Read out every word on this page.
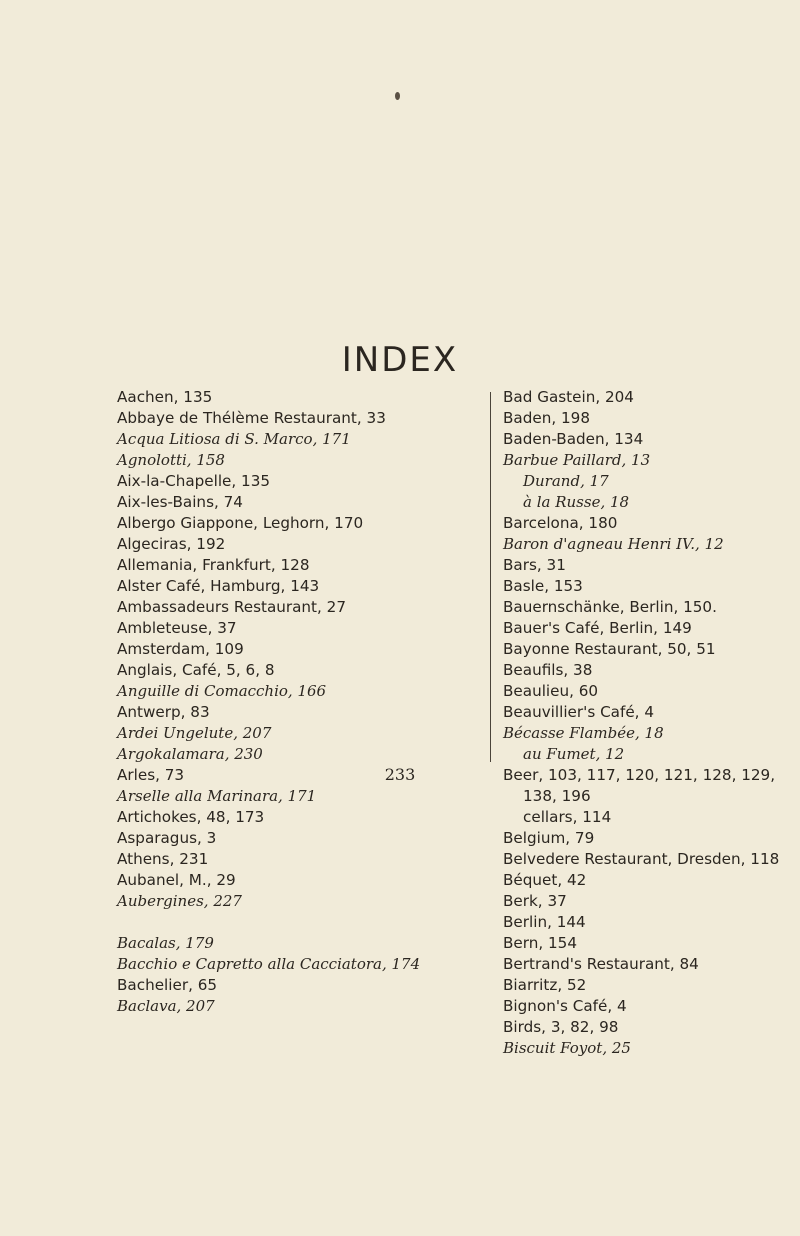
INDEX
Aachen, 135
Abbaye de Thélème Restaurant, 33
Acqua Litiosa di S. Marco, 171
Agnolotti, 158
Aix-la-Chapelle, 135
Aix-les-Bains, 74
Albergo Giappone, Leghorn, 170
Algeciras, 192
Allemania, Frankfurt, 128
Alster Café, Hamburg, 143
Ambassadeurs Restaurant, 27
Ambleteuse, 37
Amsterdam, 109
Anglais, Café, 5, 6, 8
Anguille di Comacchio, 166
Antwerp, 83
Ardei Ungelute, 207
Argokalamara, 230
Arles, 73
Arselle alla Marinara, 171
Artichokes, 48, 173
Asparagus, 3
Athens, 231
Aubanel, M., 29
Aubergines, 227
Bacalas, 179
Bacchio e Capretto alla Cacciatora, 174
Bachelier, 65
Baclava, 207
Bad Gastein, 204
Baden, 198
Baden-Baden, 134
Barbue Paillard, 13
Durand, 17
à la Russe, 18
Barcelona, 180
Baron d'agneau Henri IV., 12
Bars, 31
Basle, 153
Bauernschänke, Berlin, 150.
Bauer's Café, Berlin, 149
Bayonne Restaurant, 50, 51
Beaufils, 38
Beaulieu, 60
Beauvillier's Café, 4
Bécasse Flambée, 18
au Fumet, 12
Beer, 103, 117, 120, 121, 128, 129, 138, 196
cellars, 114
Belgium, 79
Belvedere Restaurant, Dresden, 118
Béquet, 42
Berk, 37
Berlin, 144
Bern, 154
Bertrand's Restaurant, 84
Biarritz, 52
Bignon's Café, 4
Birds, 3, 82, 98
Biscuit Foyot, 25
233
